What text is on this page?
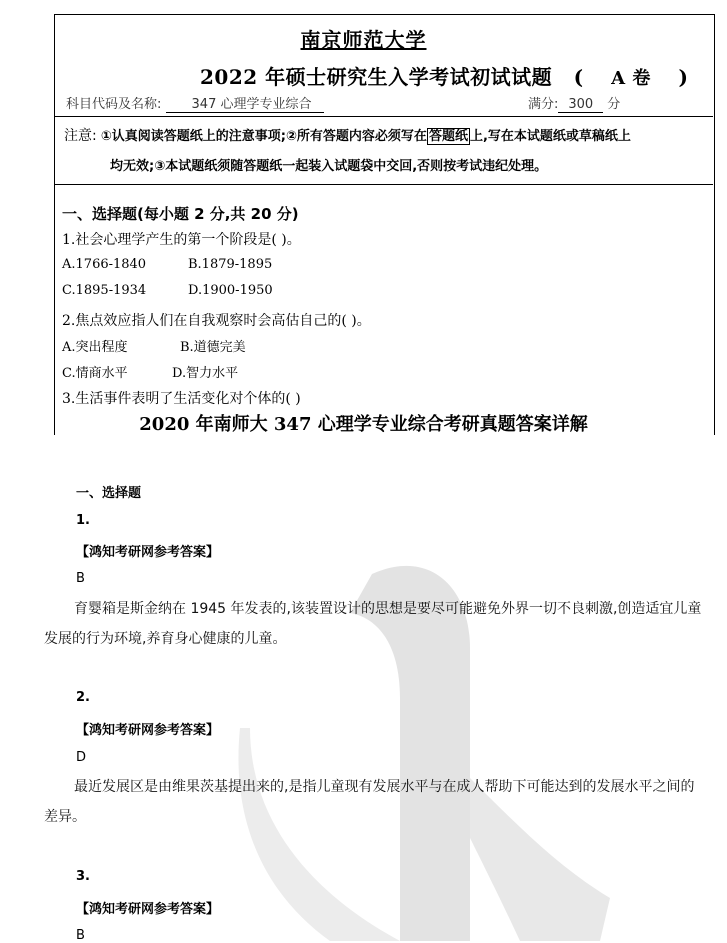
南京师范大学
2022 年硕士研究生入学考试初试试题 ( A 卷 )
科目代码及名称: 347 心理学专业综合	满分: 300 分
注意: ①认真阅读答题纸上的注意事项;②所有答题内容必须写在 答题纸 上,写在本试题纸或草稿纸上
均无效;③本试题纸须随答题纸一起装入试题袋中交回,否则按考试违纪处理。
一、选择题(每小题 2 分,共 20 分)
1.社会心理学产生的第一个阶段是( )。
A.1766-1840	B.1879-1895
C.1895-1934	D.1900-1950
2.焦点效应指人们在自我观察时会高估自己的( )。
A.突出程度	B.道德完美
C.情商水平	D.智力水平
3.生活事件表明了生活变化对个体的( )
2020 年南师大 347 心理学专业综合考研真题答案详解
一、选择题
1.
【鸿知考研网参考答案】
B
育婴箱是斯金纳在 1945 年发表的,该装置设计的思想是要尽可能避免外界一切不良刺激,创造适宜儿童发展的行为环境,养育身心健康的儿童。
2.
【鸿知考研网参考答案】
D
最近发展区是由维果茨基提出来的,是指儿童现有发展水平与在成人帮助下可能达到的发展水平之间的差异。
3.
【鸿知考研网参考答案】
B
